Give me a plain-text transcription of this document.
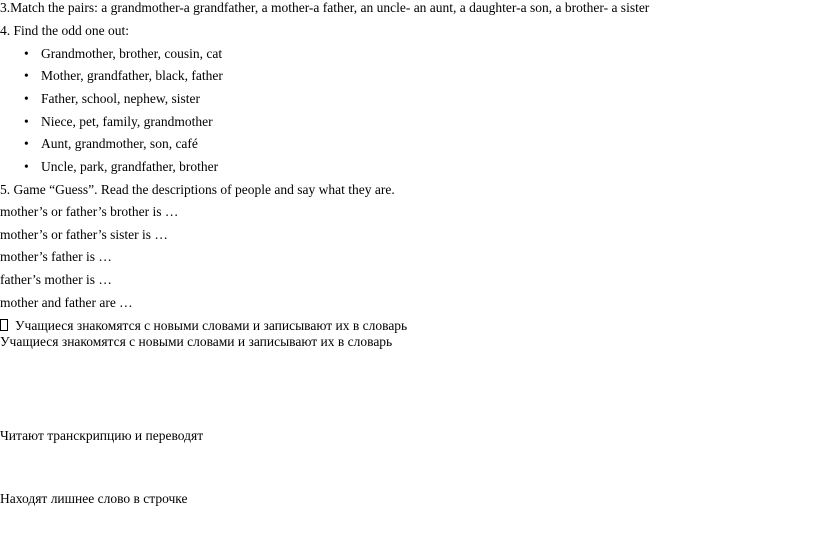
3.Match the pairs: a grandmother-a grandfather, a mother-a father, an uncle- an aunt, a daughter-a son, a brother- a sister
4. Find the odd one out:
• Grandmother, brother, cousin, cat
• Mother, grandfather, black, father
• Father, school, nephew, sister
• Niece, pet, family, grandmother
• Aunt, grandmother, son, café
• Uncle, park, grandfather, brother
5. Game “Guess”. Read the descriptions of people and say what they are.
mother’s or father’s brother is …
mother’s or father’s sister is …
mother’s father is …
father’s mother is …
mother and father are …
Учащиеся знакомятся с новыми словами и записывают их в словарь
Учащиеся знакомятся с новыми словами и записывают их в словарь
Читают транскрипцию и переводят
Находят лишнее слово в строчке
